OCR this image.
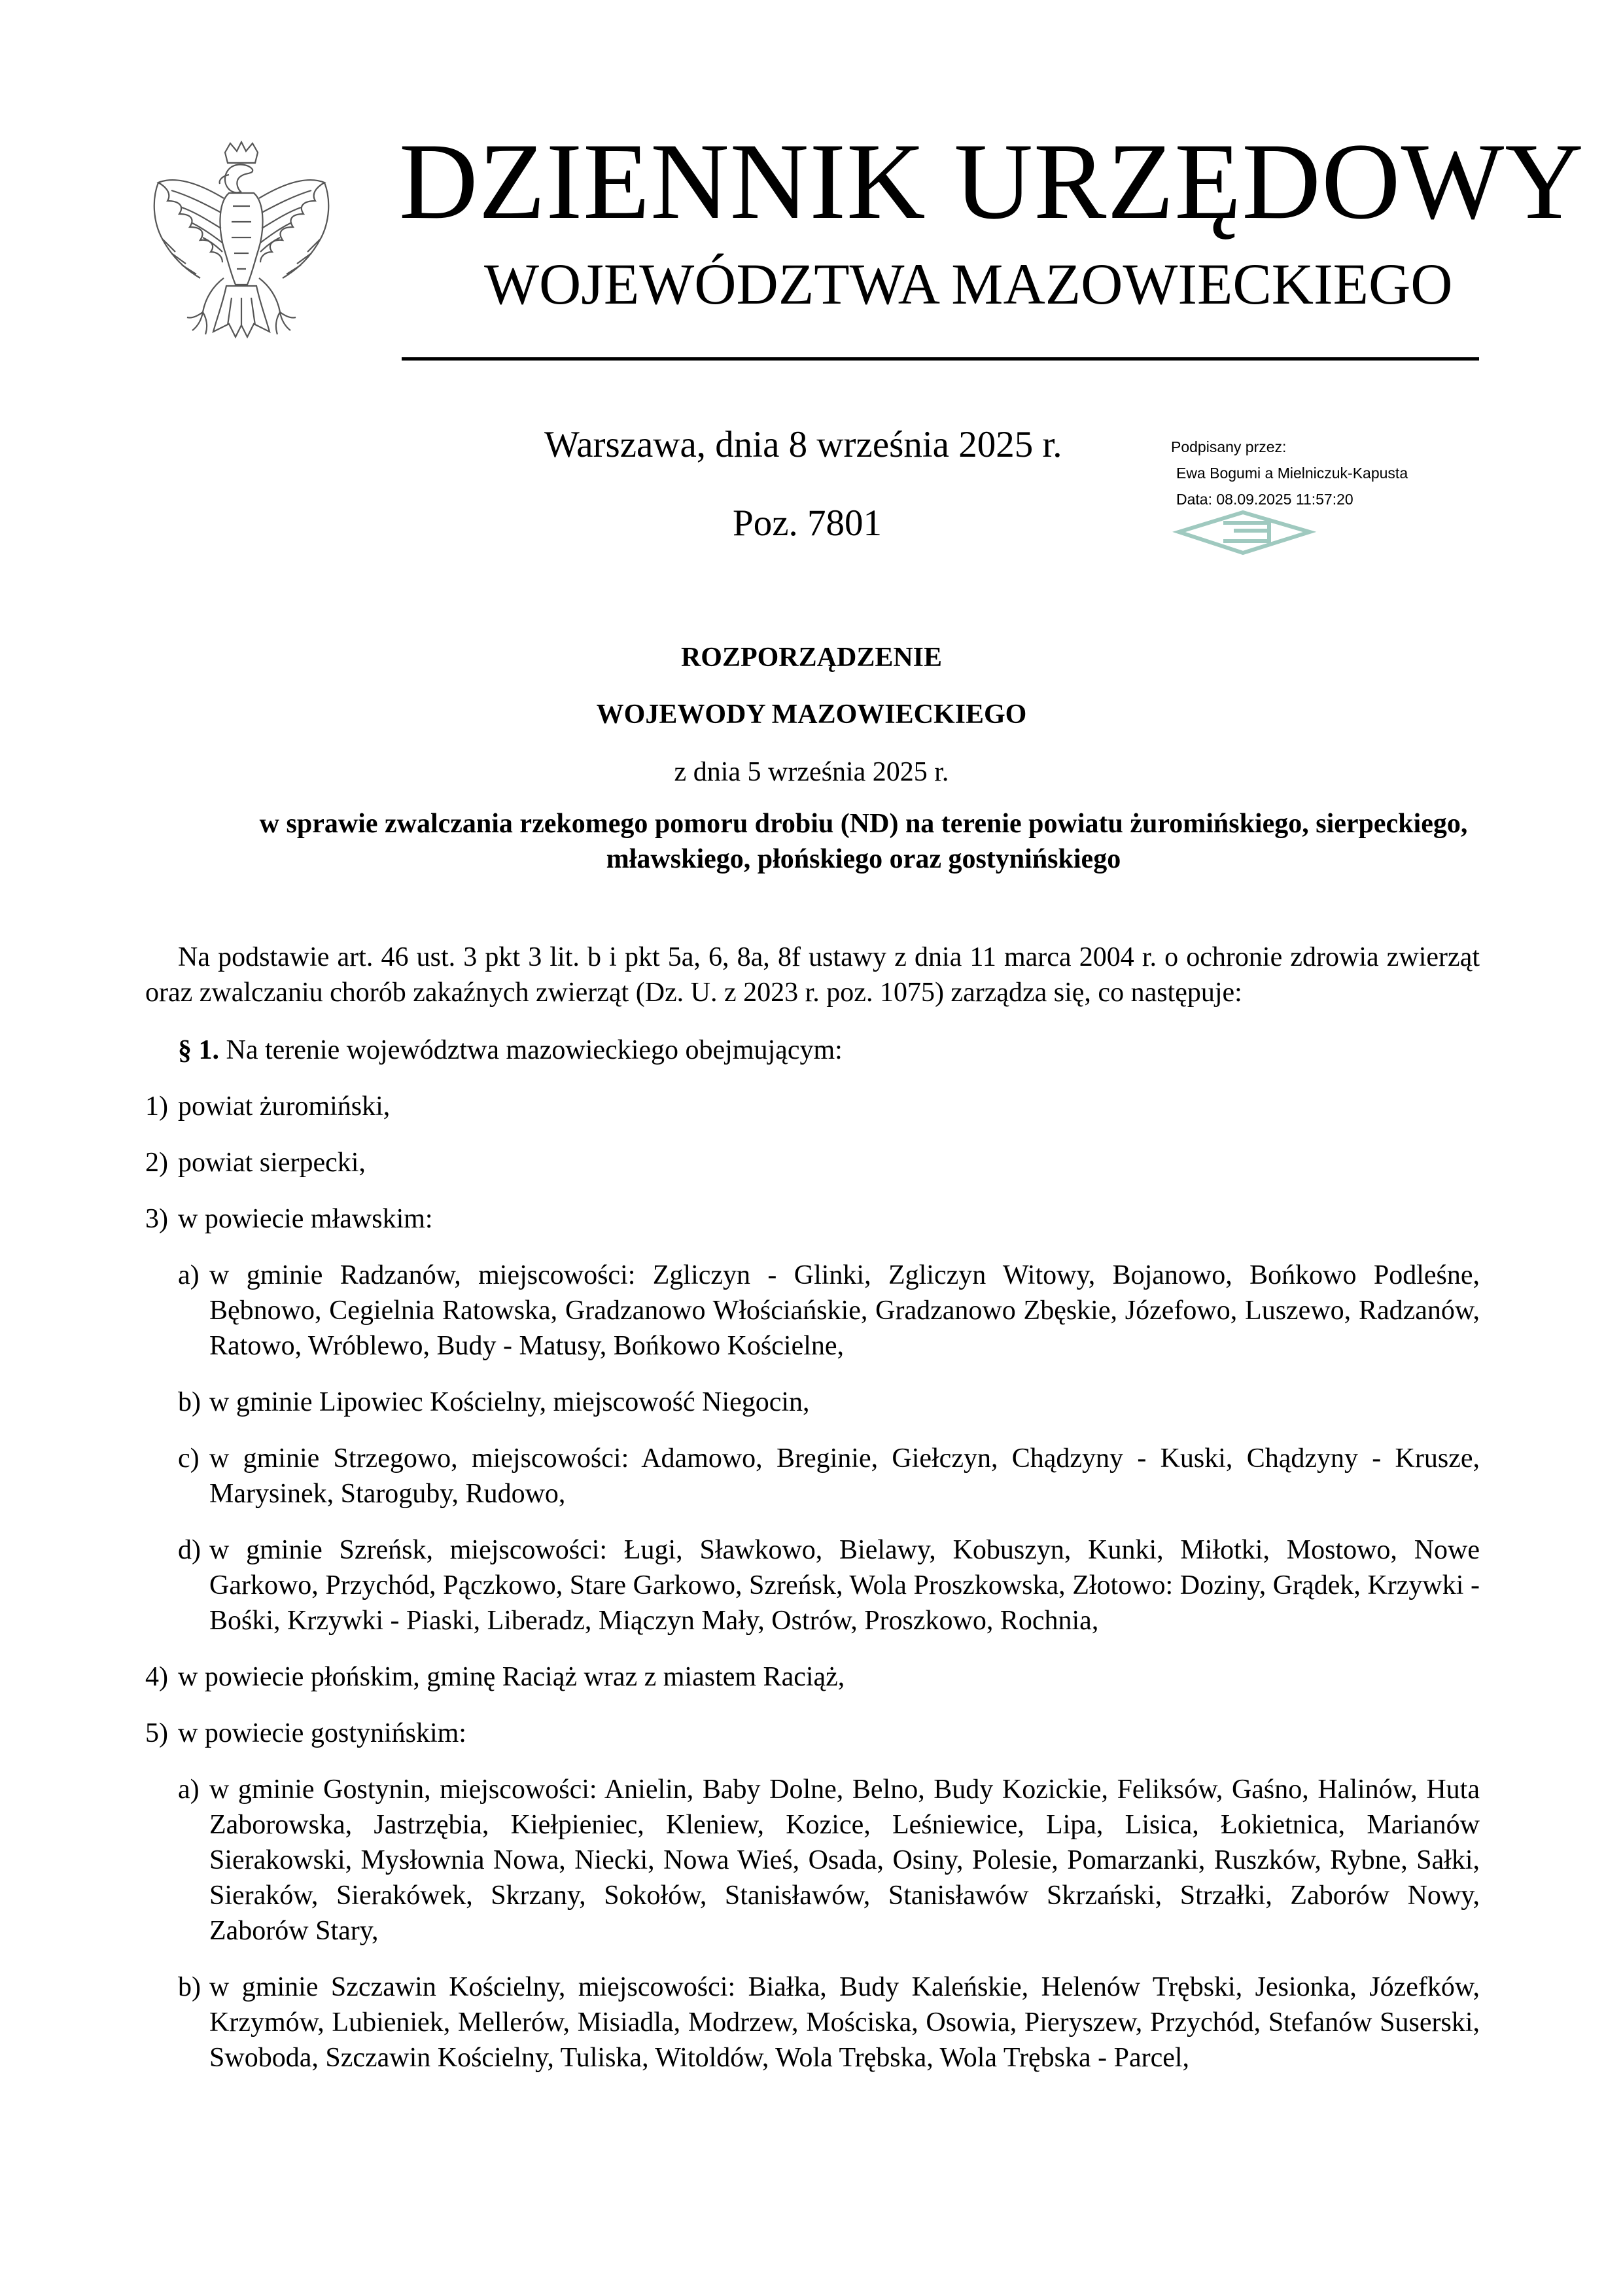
DZIENNIK URZĘDOWY
WOJEWÓDZTWA MAZOWIECKIEGO
Warszawa, dnia 8 września 2025 r.
Poz. 7801
Podpisany przez:
Ewa Bogumi a Mielniczuk-Kapusta
Data: 08.09.2025 11:57:20
ROZPORZĄDZENIE
WOJEWODY MAZOWIECKIEGO
z dnia 5 września 2025 r.
w sprawie zwalczania rzekomego pomoru drobiu (ND) na terenie powiatu żuromińskiego, sierpeckiego, mławskiego, płońskiego oraz gostynińskiego
Na podstawie art. 46 ust. 3 pkt 3 lit. b i pkt 5a, 6, 8a, 8f ustawy z dnia 11 marca 2004 r. o ochronie zdrowia zwierząt oraz zwalczaniu chorób zakaźnych zwierząt (Dz. U. z 2023 r. poz. 1075) zarządza się, co następuje:
§ 1. Na terenie województwa mazowieckiego obejmującym:
1) powiat żuromiński,
2) powiat sierpecki,
3) w powiecie mławskim:
a) w gminie Radzanów, miejscowości: Zgliczyn - Glinki, Zgliczyn Witowy, Bojanowo, Bońkowo Podleśne, Bębnowo, Cegielnia Ratowska, Gradzanowo Włościańskie, Gradzanowo Zbęskie, Józefowo, Luszewo, Radzanów, Ratowo, Wróblewo, Budy - Matusy, Bońkowo Kościelne,
b) w gminie Lipowiec Kościelny, miejscowość Niegocin,
c) w gminie Strzegowo, miejscowości: Adamowo, Breginie, Giełczyn, Chądzyny - Kuski, Chądzyny - Krusze, Marysinek, Staroguby, Rudowo,
d) w gminie Szreńsk, miejscowości: Ługi, Sławkowo, Bielawy, Kobuszyn, Kunki, Miłotki, Mostowo, Nowe Garkowo, Przychód, Pączkowo, Stare Garkowo, Szreńsk, Wola Proszkowska, Złotowo: Doziny, Grądek, Krzywki - Bośki, Krzywki - Piaski, Liberadz, Miączyn Mały, Ostrów, Proszkowo, Rochnia,
4) w powiecie płońskim, gminę Raciąż wraz z miastem Raciąż,
5) w powiecie gostynińskim:
a) w gminie Gostynin, miejscowości: Anielin, Baby Dolne, Belno, Budy Kozickie, Feliksów, Gaśno, Halinów, Huta Zaborowska, Jastrzębia, Kiełpieniec, Kleniew, Kozice, Leśniewice, Lipa, Lisica, Łokietnica, Marianów Sierakowski, Mysłownia Nowa, Niecki, Nowa Wieś, Osada, Osiny, Polesie, Pomarzanki, Ruszków, Rybne, Sałki, Sieraków, Sierakówek, Skrzany, Sokołów, Stanisławów, Stanisławów Skrzański, Strzałki, Zaborów Nowy, Zaborów Stary,
b) w gminie Szczawin Kościelny, miejscowości: Białka, Budy Kaleńskie, Helenów Trębski, Jesionka, Józefków, Krzymów, Lubieniek, Mellerów, Misiadla, Modrzew, Mościska, Osowia, Pieryszew, Przychód, Stefanów Suserski, Swoboda, Szczawin Kościelny, Tuliska, Witoldów, Wola Trębska, Wola Trębska - Parcel,
